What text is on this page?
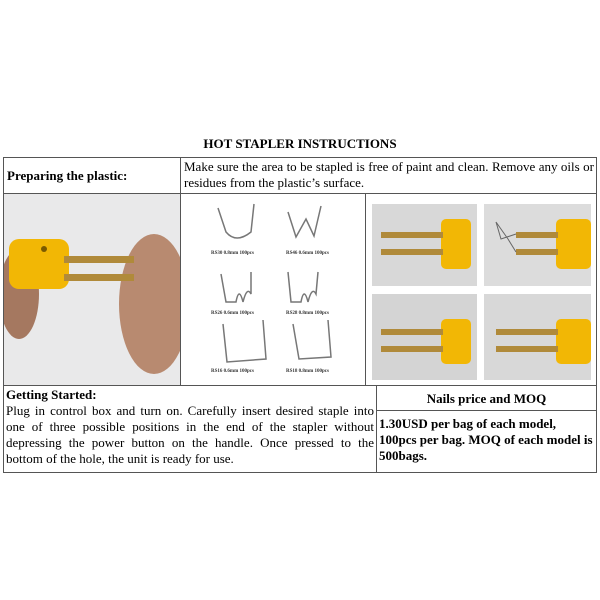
HOT STAPLER INSTRUCTIONS
Preparing the plastic:
Make sure the area to be stapled is free of paint and clean. Remove any oils or residues from the plastic’s surface.
RS30 0.8mm 100pcs	RS46 0.6mm 100pcs
RS26 0.6mm 100pcs	RS28 0.8mm 100pcs
RS16 0.6mm 100pcs	RS18 0.8mm 100pcs
Getting Started:
Plug in control box and turn on. Carefully insert desired staple into one of three possible positions in the end of the stapler without depressing the power button on the handle. Once pressed to the bottom of the hole, the unit is ready for use.
Nails price and MOQ
1.30USD per bag of each model, 100pcs per bag. MOQ of each model is 500bags.
